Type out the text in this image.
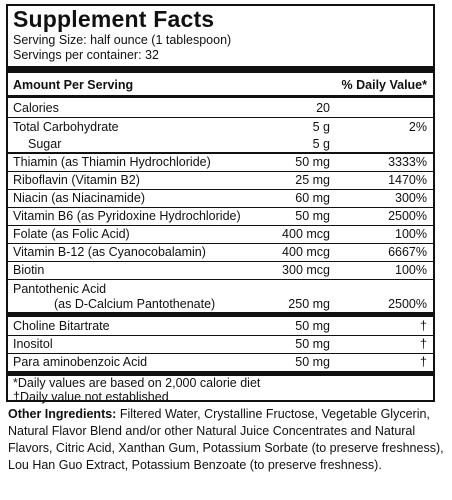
Supplement Facts
Serving Size: half ounce (1 tablespoon)
Servings per container: 32
Amount Per Serving	% Daily Value*
Calories	20
Total Carbohydrate	5 g	2%
Sugar	5 g
Thiamin (as Thiamin Hydrochloride)	50 mg	3333%
Riboflavin (Vitamin B2)	25 mg	1470%
Niacin (as Niacinamide)	60 mg	300%
Vitamin B6 (as Pyridoxine Hydrochloride)	50 mg	2500%
Folate (as Folic Acid)	400 mcg	100%
Vitamin B-12 (as Cyanocobalamin)	400 mcg	6667%
Biotin	300 mcg	100%
Pantothenic Acid
(as D-Calcium Pantothenate)	250 mg	2500%
Choline Bitartrate	50 mg	†
Inositol	50 mg	†
Para aminobenzoic Acid	50 mg	†
*Daily values are based on 2,000 calorie diet
†Daily value not established
Other Ingredients: Filtered Water, Crystalline Fructose, Vegetable Glycerin, Natural Flavor Blend and/or other Natural Juice Concentrates and Natural Flavors, Citric Acid, Xanthan Gum, Potassium Sorbate (to preserve freshness), Lou Han Guo Extract, Potassium Benzoate (to preserve freshness).
